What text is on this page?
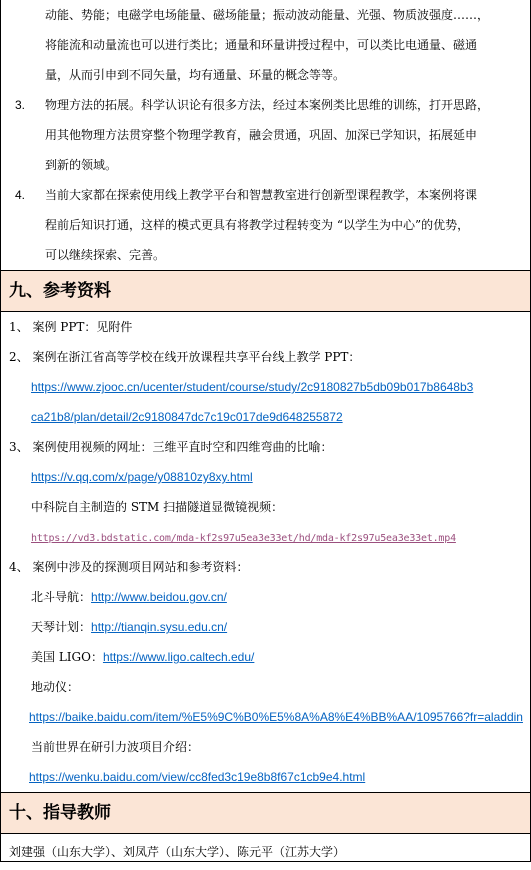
动能、势能；电磁学电场能量、磁场能量；振动波动能量、光强、物质波强度……，
将能流和动量流也可以进行类比；通量和环量讲授过程中，可以类比电通量、磁通
量，从而引申到不同矢量，均有通量、环量的概念等等。
3.	物理方法的拓展。科学认识论有很多方法，经过本案例类比思维的训练，打开思路，
用其他物理方法贯穿整个物理学教育，融会贯通，巩固、加深已学知识，拓展延申
到新的领域。
4.	当前大家都在探索使用线上教学平台和智慧教室进行创新型课程教学，本案例将课
程前后知识打通，这样的模式更具有将教学过程转变为 “以学生为中心”的优势，
可以继续探索、完善。
九、参考资料
1、 案例 PPT：见附件
2、 案例在浙江省高等学校在线开放课程共享平台线上教学 PPT：
https://www.zjooc.cn/ucenter/student/course/study/2c9180827b5db09b017b8648b3
ca21b8/plan/detail/2c9180847dc7c19c017de9d648255872
3、 案例使用视频的网址：三维平直时空和四维弯曲的比喻：
https://v.qq.com/x/page/y08810zy8xy.html
中科院自主制造的 STM 扫描隧道显微镜视频：
https://vd3.bdstatic.com/mda-kf2s97u5ea3e33et/hd/mda-kf2s97u5ea3e33et.mp4
4、 案例中涉及的探测项目网站和参考资料：
北斗导航：http://www.beidou.gov.cn/
天琴计划：http://tianqin.sysu.edu.cn/
美国 LIGO：https://www.ligo.caltech.edu/
地动仪：
https://baike.baidu.com/item/%E5%9C%B0%E5%8A%A8%E4%BB%AA/1095766?fr=aladdin
当前世界在研引力波项目介绍：
https://wenku.baidu.com/view/cc8fed3c19e8b8f67c1cb9e4.html
十、指导教师
刘建强（山东大学）、刘凤芹（山东大学）、陈元平（江苏大学）
